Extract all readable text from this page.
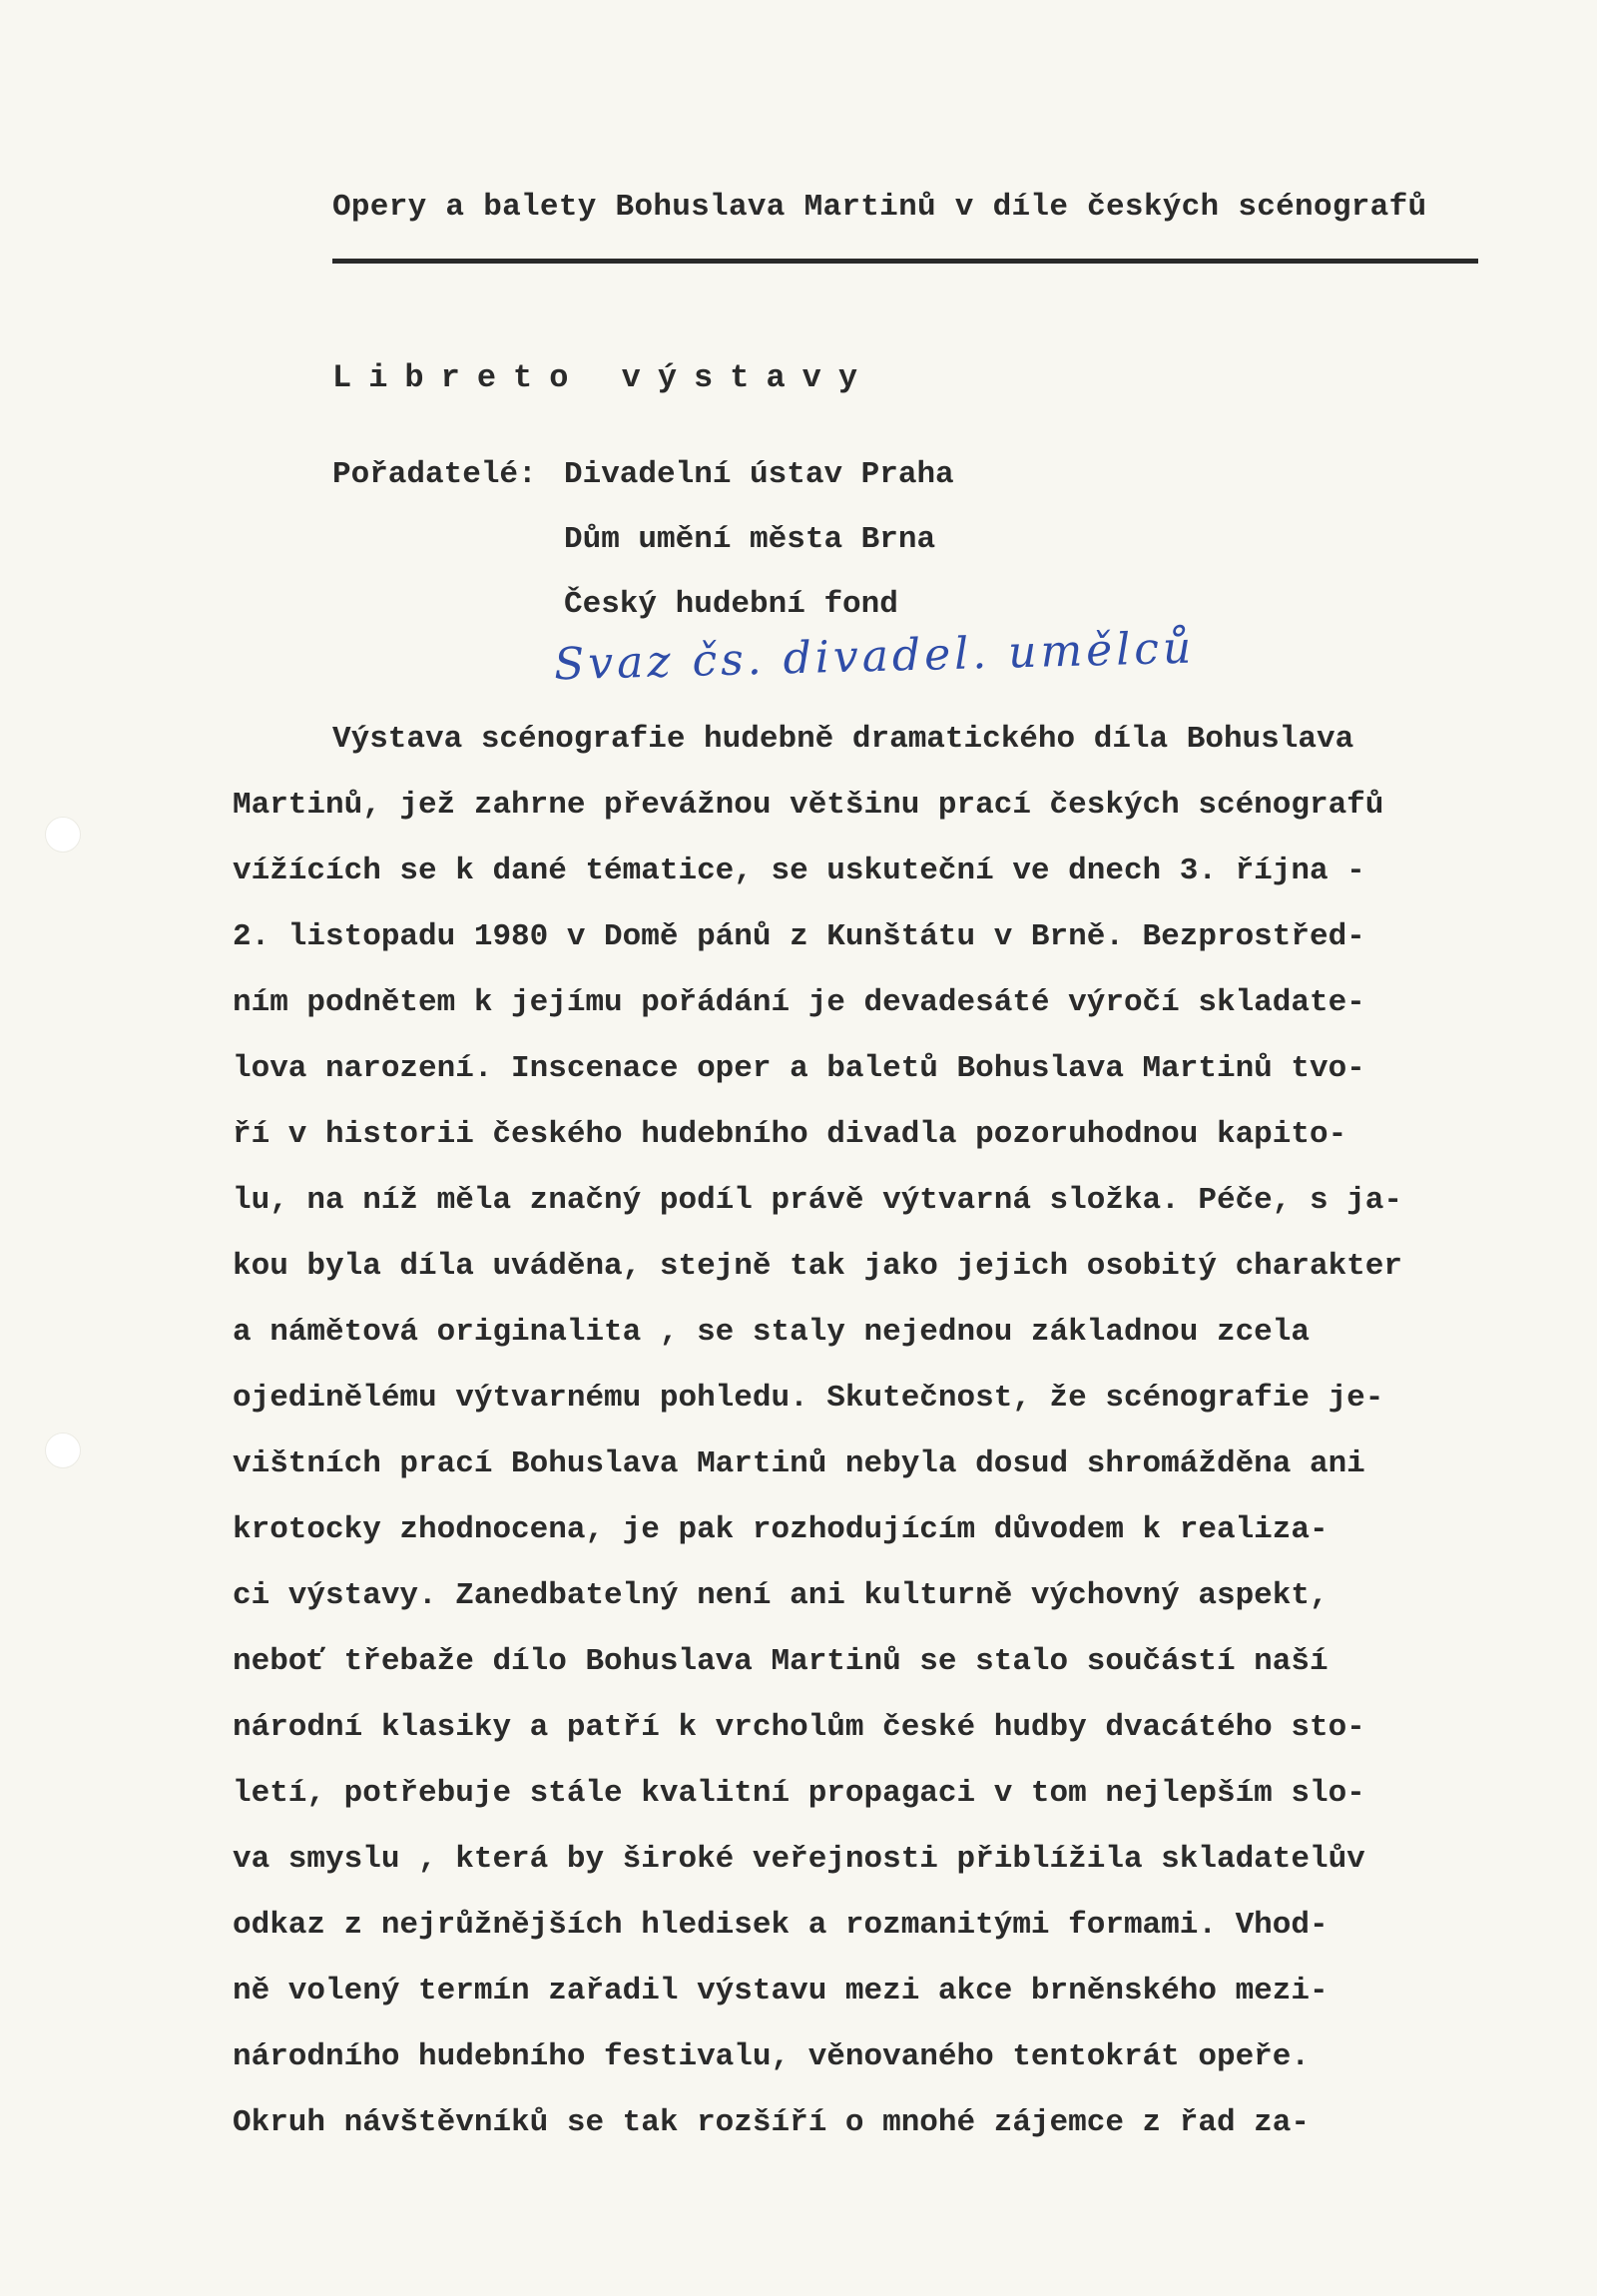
Opery a balety Bohuslava Martinů v díle českých scénografů
Libreto výstavy
Pořadatelé: Divadelní ústav Praha
Dům umění města Brna
Český hudební fond
Svaz čs. divadel. umělců
Výstava scénografie hudebně dramatického díla Bohuslava
Martinů, jež zahrne převážnou většinu prací českých scénografů
vížících se k dané tématice, se uskuteční ve dnech 3. října -
2. listopadu 1980 v Domě pánů z Kunštátu v Brně. Bezprostřed-
ním podnětem k jejímu pořádání je devadesáté výročí skladate-
lova narození. Inscenace oper a baletů Bohuslava Martinů tvo-
ří v historii českého hudebního divadla pozoruhodnou kapito-
lu, na níž měla značný podíl právě výtvarná složka. Péče, s ja-
kou byla díla uváděna, stejně tak jako jejich osobitý charakter
a námětová originalita , se staly nejednou základnou zcela
ojedinělému výtvarnému pohledu. Skutečnost, že scénografie je-
vištních prací Bohuslava Martinů nebyla dosud shromážděna ani
krotocky zhodnocena, je pak rozhodujícím důvodem k realiza-
ci výstavy. Zanedbatelný není ani kulturně výchovný aspekt,
neboť třebaže dílo Bohuslava Martinů se stalo součástí naší
národní klasiky a patří k vrcholům české hudby dvacátého sto-
letí, potřebuje stále kvalitní propagaci v tom nejlepším slo-
va smyslu , která by široké veřejnosti přiblížila skladatelův
odkaz z nejrůžnějších hledisek a rozmanitými formami. Vhod-
ně volený termín zařadil výstavu mezi akce brněnského mezi-
národního hudebního festivalu, věnovaného tentokrát opeře.
Okruh návštěvníků se tak rozšíří o mnohé zájemce z řad za-
